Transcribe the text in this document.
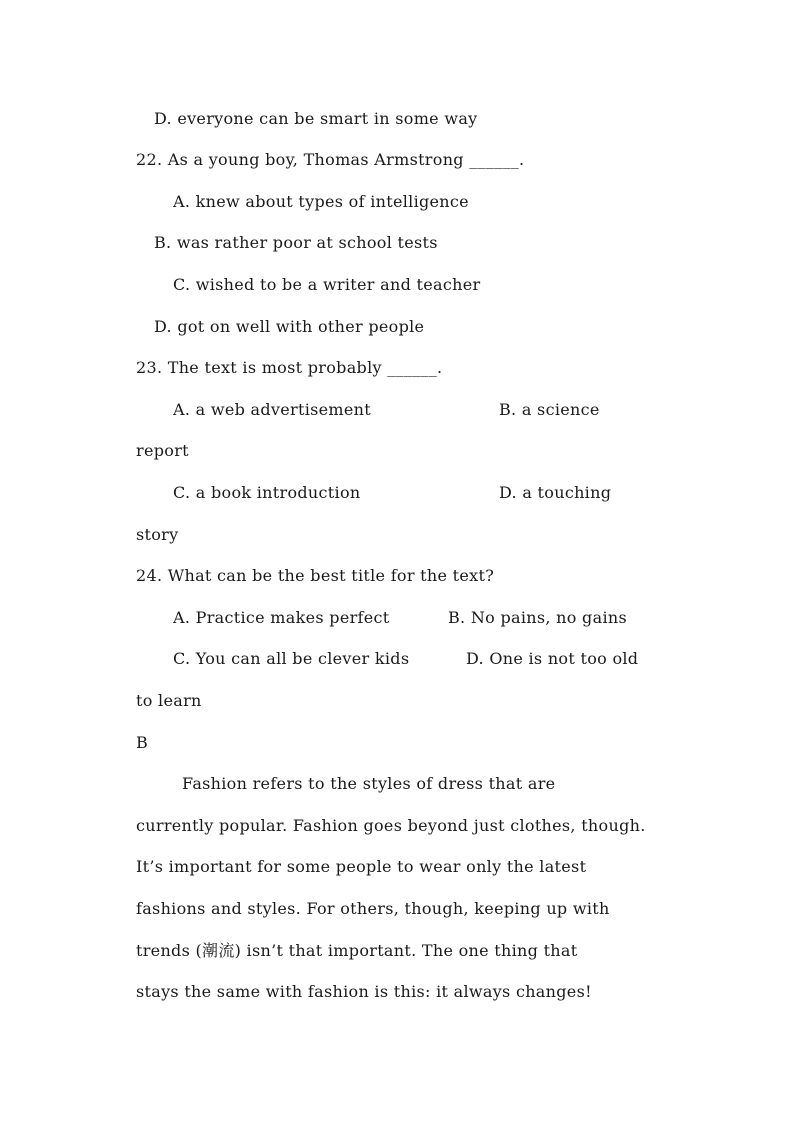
D. everyone can be smart in some way
22. As a young boy, Thomas Armstrong ______.
A. knew about types of intelligence
B. was rather poor at school tests
C. wished to be a writer and teacher
D. got on well with other people
23. The text is most probably ______.
A. a web advertisement	B. a science
report
C. a book introduction	D. a touching
story
24. What can be the best title for the text?
A. Practice makes perfect	B. No pains, no gains
C. You can all be clever kids	D. One is not too old
to learn
B
Fashion refers to the styles of dress that are
currently popular. Fashion goes beyond just clothes, though.
It’s important for some people to wear only the latest
fashions and styles. For others, though, keeping up with
trends (潮流) isn’t that important. The one thing that
stays the same with fashion is this: it always changes!
